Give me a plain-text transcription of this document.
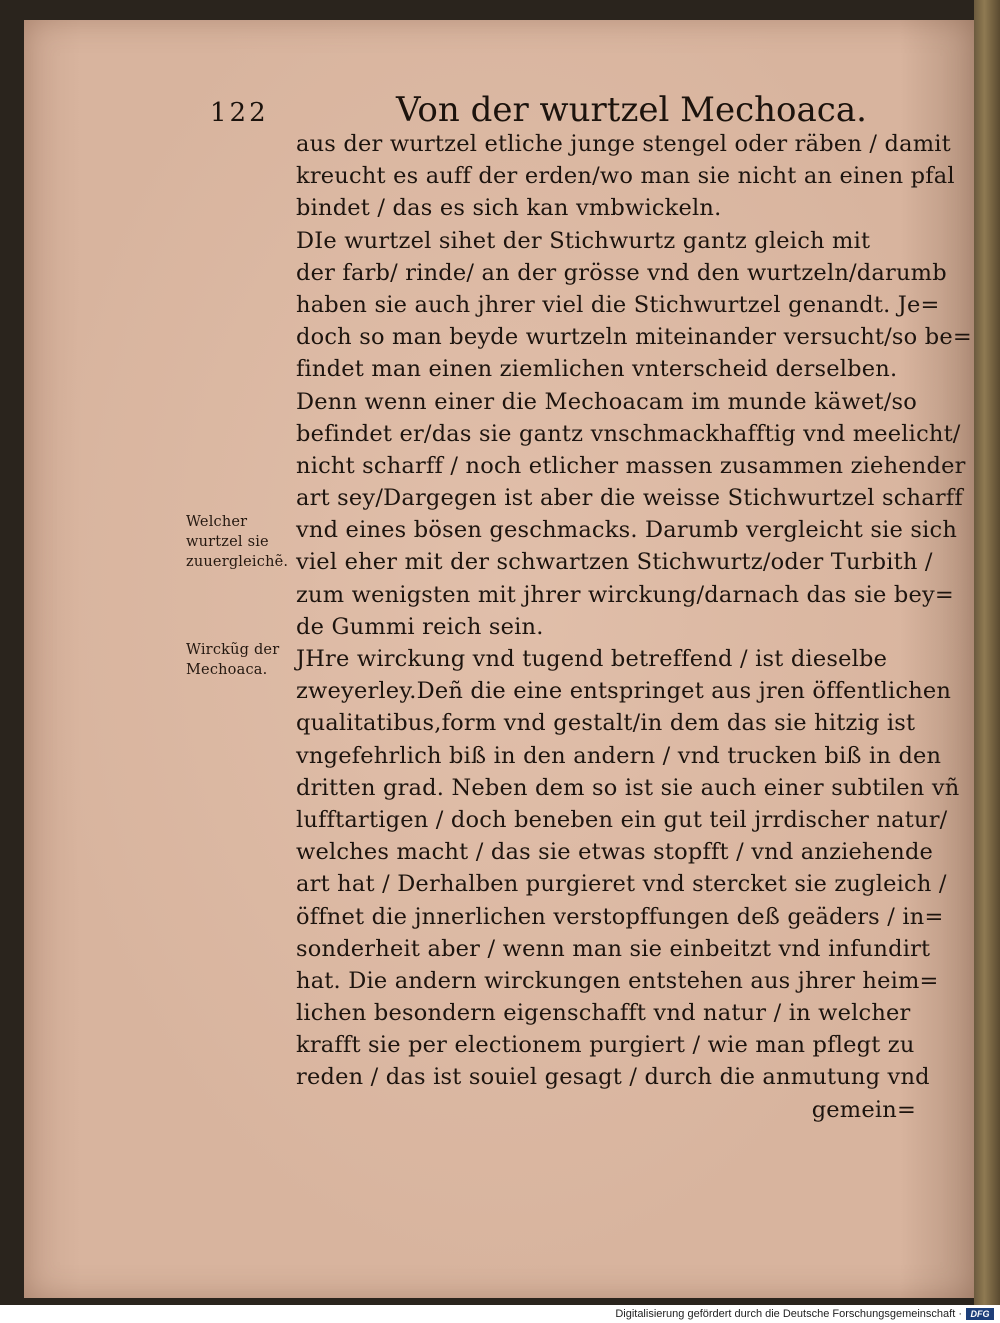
122	Von der wurtzel Mechoaca.
aus der wurtzel etliche junge stengel oder räben / damit
kreucht es auff der erden/wo man sie nicht an einen pfal
bindet / das es sich kan vmbwickeln.
DIe wurtzel sihet der Stichwurtz gantz gleich mit
der farb/ rinde/ an der grösse vnd den wurtzeln/darumb
haben sie auch jhrer viel die Stichwurtzel genandt. Je=
doch so man beyde wurtzeln miteinander versucht/so be=
findet man einen ziemlichen vnterscheid derselben.
Denn wenn einer die Mechoacam im munde käwet/so
befindet er/das sie gantz vnschmackhafftig vnd meelicht/
nicht scharff / noch etlicher massen zusammen ziehender
art sey/Dargegen ist aber die weisse Stichwurtzel scharff
vnd eines bösen geschmacks. Darumb vergleicht sie sich
viel eher mit der schwartzen Stichwurtz/oder Turbith /
zum wenigsten mit jhrer wirckung/darnach das sie bey=
de Gummi reich sein.
JHre wirckung vnd tugend betreffend / ist dieselbe
zweyerley.Deñ die eine entspringet aus jren öffentlichen
qualitatibus,form vnd gestalt/in dem das sie hitzig ist
vngefehrlich biß in den andern / vnd trucken biß in den
dritten grad. Neben dem so ist sie auch einer subtilen vñ
lufftartigen / doch beneben ein gut teil jrrdischer natur/
welches macht / das sie etwas stopfft / vnd anziehende
art hat / Derhalben purgieret vnd stercket sie zugleich /
öffnet die jnnerlichen verstopffungen deß geäders / in=
sonderheit aber / wenn man sie einbeitzt vnd infundirt
hat. Die andern wirckungen entstehen aus jhrer heim=
lichen besondern eigenschafft vnd natur / in welcher
krafft sie per electionem purgiert / wie man pflegt zu
reden / das ist souiel gesagt / durch die anmutung vnd
gemein=
Welcher
wurtzel sie
zuuergleichẽ.
Wirckũg der
Mechoaca.
Digitalisierung gefördert durch die Deutsche Forschungsgemeinschaft · DFG
